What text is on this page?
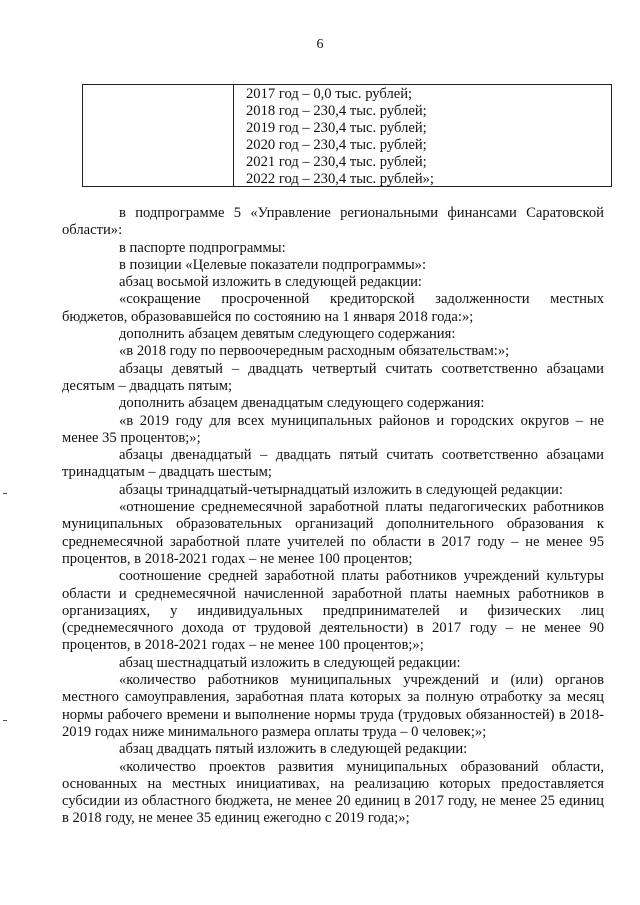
6
2017 год – 0,0 тыс. рублей;
2018 год – 230,4 тыс. рублей;
2019 год – 230,4 тыс. рублей;
2020 год – 230,4 тыс. рублей;
2021 год – 230,4 тыс. рублей;
2022 год – 230,4 тыс. рублей»;

в подпрограмме 5 «Управление региональными финансами Саратовской области»:

в паспорте подпрограммы:

в позиции «Целевые показатели подпрограммы»:

абзац восьмой изложить в следующей редакции:

«сокращение просроченной кредиторской задолженности местных бюджетов, образовавшейся по состоянию на 1 января 2018 года:»;

дополнить абзацем девятым следующего содержания:

«в 2018 году по первоочередным расходным обязательствам:»;

абзацы девятый – двадцать четвертый считать соответственно абзацами десятым – двадцать пятым;

дополнить абзацем двенадцатым следующего содержания:

«в 2019 году для всех муниципальных районов и городских округов – не менее 35 процентов;»;

абзацы двенадцатый – двадцать пятый считать соответственно абзацами тринадцатым – двадцать шестым;

абзацы тринадцатый-четырнадцатый изложить в следующей редакции:

«отношение среднемесячной заработной платы педагогических работников муниципальных образовательных организаций дополнительного образования к среднемесячной заработной плате учителей по области в 2017 году – не менее 95 процентов, в 2018-2021 годах – не менее 100 процентов;

соотношение средней заработной платы работников учреждений культуры области и среднемесячной начисленной заработной платы наемных работников в организациях, у индивидуальных предпринимателей и физических лиц (среднемесячного дохода от трудовой деятельности) в 2017 году – не менее 90 процентов, в 2018-2021 годах – не менее 100 процентов;»;

абзац шестнадцатый изложить в следующей редакции:

«количество работников муниципальных учреждений и (или) органов местного самоуправления, заработная плата которых за полную отработку за месяц нормы рабочего времени и выполнение нормы труда (трудовых обязанностей) в 2018-2019 годах ниже минимального размера оплаты труда – 0 человек;»;

абзац двадцать пятый изложить в следующей редакции:

«количество проектов развития муниципальных образований области, основанных на местных инициативах, на реализацию которых предоставляется субсидии из областного бюджета, не менее 20 единиц в 2017 году, не менее 25 единиц в 2018 году, не менее 35 единиц ежегодно с 2019 года;»;
